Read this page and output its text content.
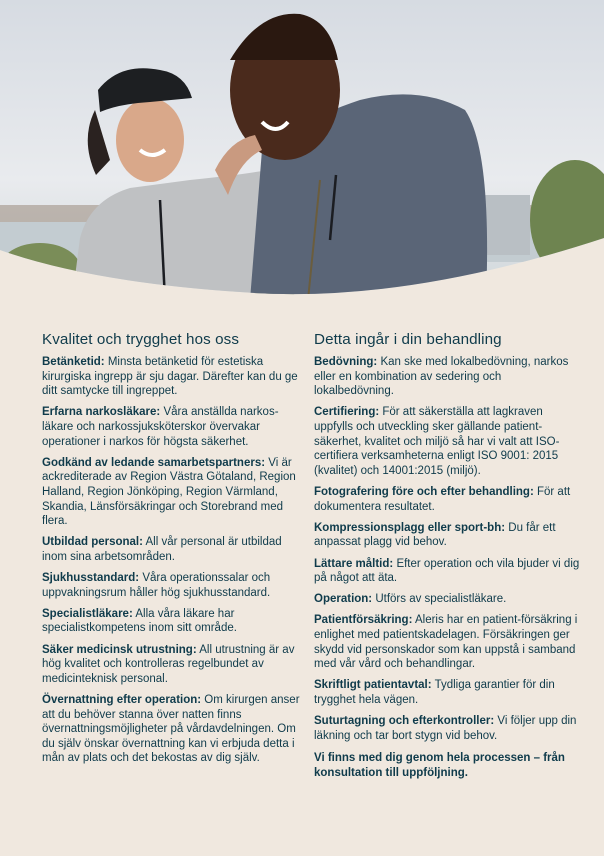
Kvalitet och trygghet hos oss
Betänketid: Minsta betänketid för estetiska kirurgiska ingrepp är sju dagar. Därefter kan du ge ditt samtycke till ingreppet.
Erfarna narkosläkare: Våra anställda narkos-läkare och narkossjuksköterskor övervakar operationer i narkos för högsta säkerhet.
Godkänd av ledande samarbetspartners: Vi är ackrediterade av Region Västra Götaland, Region Halland, Region Jönköping, Region Värmland, Skandia, Länsförsäkringar och Storebrand med flera.
Utbildad personal: All vår personal är utbildad inom sina arbetsområden.
Sjukhusstandard: Våra operationssalar och uppvakningsrum håller hög sjukhusstandard.
Specialistläkare: Alla våra läkare har specialistkompetens inom sitt område.
Säker medicinsk utrustning: All utrustning är av hög kvalitet och kontrolleras regelbundet av medicinteknisk personal.
Övernattning efter operation: Om kirurgen anser att du behöver stanna över natten finns övernattningsmöjligheter på vårdavdelningen. Om du själv önskar övernattning kan vi erbjuda detta i mån av plats och det bekostas av dig själv.
Detta ingår i din behandling
Bedövning: Kan ske med lokalbedövning, narkos eller en kombination av sedering och lokalbedövning.
Certifiering: För att säkerställa att lagkraven uppfylls och utveckling sker gällande patient-säkerhet, kvalitet och miljö så har vi valt att ISO-certifiera verksamheterna enligt ISO 9001: 2015 (kvalitet) och 14001:2015 (miljö).
Fotografering före och efter behandling: För att dokumentera resultatet.
Kompressionsplagg eller sport-bh: Du får ett anpassat plagg vid behov.
Lättare måltid: Efter operation och vila bjuder vi dig på något att äta.
Operation: Utförs av specialistläkare.
Patientförsäkring: Aleris har en patient-försäkring i enlighet med patientskadelagen. Försäkringen ger skydd vid personskador som kan uppstå i samband med vår vård och behandlingar.
Skriftligt patientavtal: Tydliga garantier för din trygghet hela vägen.
Suturtagning och efterkontroller: Vi följer upp din läkning och tar bort stygn vid behov.
Vi finns med dig genom hela processen – från konsultation till uppföljning.
